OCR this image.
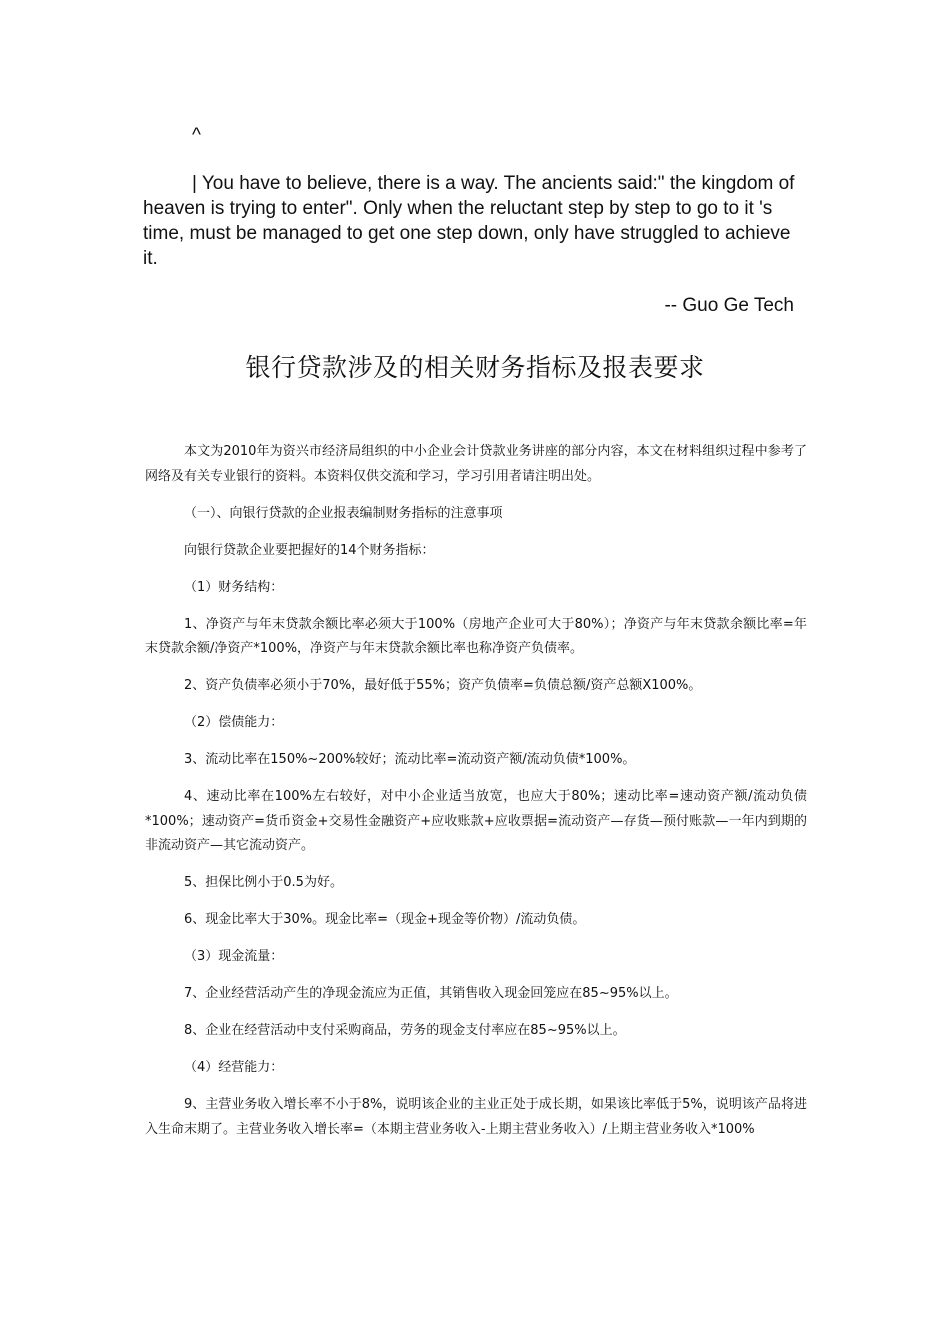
^

| You have to believe, there is a way. The ancients said:" the kingdom of heaven is trying to enter". Only when the reluctant step by step to go to it 's time, must be managed to get one step down, only have struggled to achieve it.

-- Guo Ge Tech
银行贷款涉及的相关财务指标及报表要求

本文为2010年为资兴市经济局组织的中小企业会计贷款业务讲座的部分内容，本文在材料组织过程中参考了网络及有关专业银行的资料。本资料仅供交流和学习，学习引用者请注明出处。

（一）、向银行贷款的企业报表编制财务指标的注意事项

向银行贷款企业要把握好的14个财务指标：

（1）财务结构：

1、净资产与年末贷款余额比率必须大于100%（房地产企业可大于80%）；净资产与年末贷款余额比率=年末贷款余额/净资产*100%，净资产与年末贷款余额比率也称净资产负债率。

2、资产负债率必须小于70%，最好低于55%；资产负债率=负债总额/资产总额X100%。

（2）偿债能力：

3、流动比率在150%~200%较好；流动比率=流动资产额/流动负债*100%。

4、速动比率在100%左右较好，对中小企业适当放宽，也应大于80%；速动比率=速动资产额/流动负债*100%；速动资产=货币资金+交易性金融资产+应收账款+应收票据=流动资产—存货—预付账款—一年内到期的非流动资产—其它流动资产。

5、担保比例小于0.5为好。

6、现金比率大于30%。现金比率=（现金+现金等价物）/流动负债。

（3）现金流量：

7、企业经营活动产生的净现金流应为正值，其销售收入现金回笼应在85~95%以上。

8、企业在经营活动中支付采购商品，劳务的现金支付率应在85~95%以上。

（4）经营能力：

9、主营业务收入增长率不小于8%，说明该企业的主业正处于成长期，如果该比率低于5%，说明该产品将进入生命末期了。主营业务收入增长率=（本期主营业务收入-上期主营业务收入）/上期主营业务收入*100%
